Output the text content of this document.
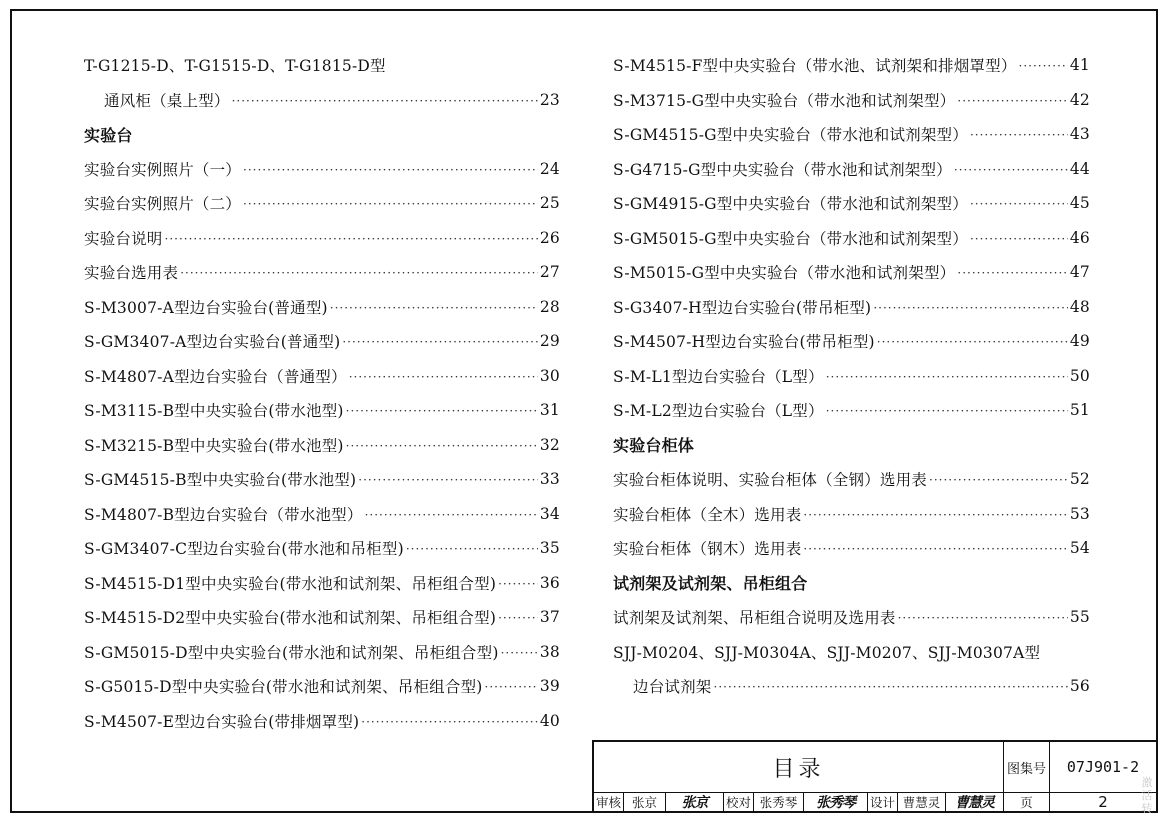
T-G1215-D、T-G1515-D、T-G1815-D型
通风柜（桌上型） ·····	23
实验台
实验台实例照片（一） ·····	24
实验台实例照片（二） ·····	25
实验台说明 ·····	26
实验台选用表 ·····	27
S-M3007-A型边台实验台(普通型) ·····	28
S-GM3407-A型边台实验台(普通型) ·····	29
S-M4807-A型边台实验台（普通型） ·····	30
S-M3115-B型中央实验台(带水池型) ·····	31
S-M3215-B型中央实验台(带水池型) ·····	32
S-GM4515-B型中央实验台(带水池型) ·····	33
S-M4807-B型边台实验台（带水池型） ·····	34
S-GM3407-C型边台实验台(带水池和吊柜型) ·····	35
S-M4515-D1型中央实验台(带水池和试剂架、吊柜组合型) ·····	36
S-M4515-D2型中央实验台(带水池和试剂架、吊柜组合型) ·····	37
S-GM5015-D型中央实验台(带水池和试剂架、吊柜组合型) ·····	38
S-G5015-D型中央实验台(带水池和试剂架、吊柜组合型) ·····	39
S-M4507-E型边台实验台(带排烟罩型) ·····	40
S-M4515-F型中央实验台（带水池、试剂架和排烟罩型） ·····	41
S-M3715-G型中央实验台（带水池和试剂架型） ·····	42
S-GM4515-G型中央实验台（带水池和试剂架型） ·····	43
S-G4715-G型中央实验台（带水池和试剂架型） ·····	44
S-GM4915-G型中央实验台（带水池和试剂架型） ·····	45
S-GM5015-G型中央实验台（带水池和试剂架型） ·····	46
S-M5015-G型中央实验台（带水池和试剂架型） ·····	47
S-G3407-H型边台实验台(带吊柜型) ·····	48
S-M4507-H型边台实验台(带吊柜型) ·····	49
S-M-L1型边台实验台（L型） ·····	50
S-M-L2型边台实验台（L型） ·····	51
实验台柜体
实验台柜体说明、实验台柜体（全钢）选用表 ·····	52
实验台柜体（全木）选用表 ·····	53
实验台柜体（钢木）选用表 ·····	54
试剂架及试剂架、吊柜组合
试剂架及试剂架、吊柜组合说明及选用表 ·····	55
SJJ-M0204、SJJ-M0304A、SJJ-M0207、SJJ-M0307A型
边台试剂架 ·····	56
目录	图集号	07J901-2
审核 张京	张京	校对 张秀琴	张秀琴	设计 曹慧灵	曹慧灵	页	2
激活转
